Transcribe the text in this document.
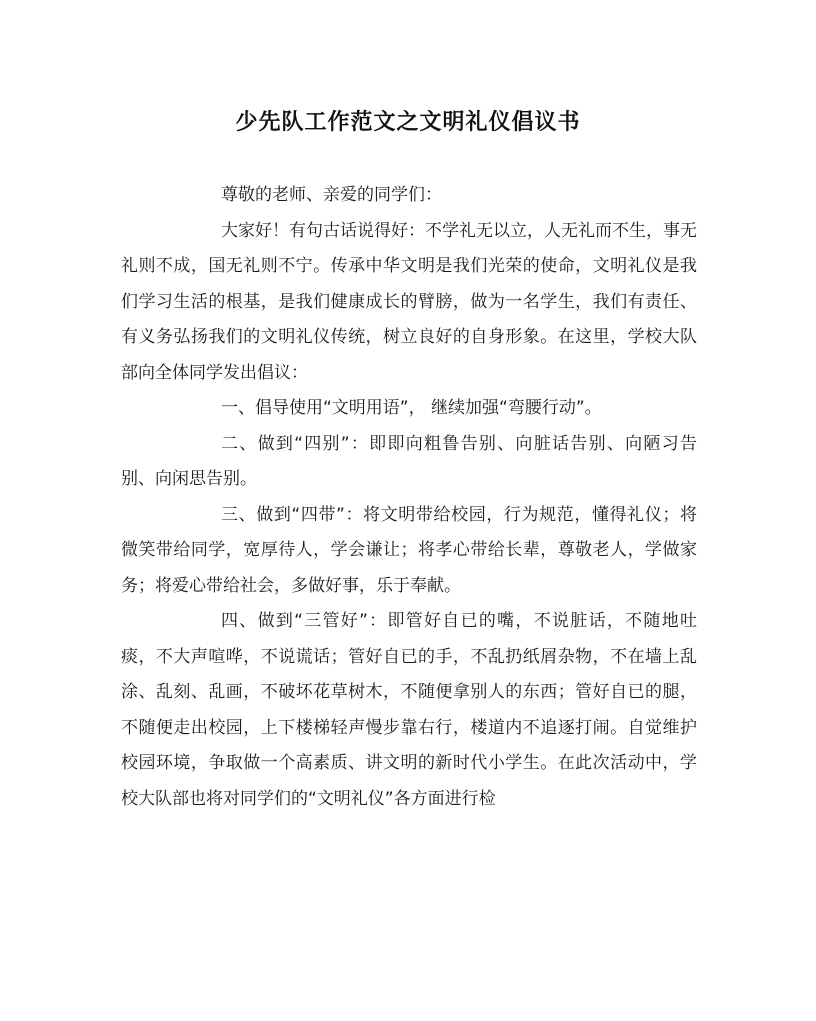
少先队工作范文之文明礼仪倡议书

尊敬的老师、亲爱的同学们：

大家好！有句古话说得好：不学礼无以立，人无礼而不生，事无礼则不成，国无礼则不宁。传承中华文明是我们光荣的使命，文明礼仪是我们学习生活的根基，是我们健康成长的臂膀，做为一名学生，我们有责任、有义务弘扬我们的文明礼仪传统，树立良好的自身形象。在这里，学校大队部向全体同学发出倡议：

一、倡导使用“文明用语”， 继续加强“弯腰行动”。

二、做到“四别”：即即向粗鲁告别、向脏话告别、向陋习告别、向闲思告别。

三、做到“四带”：将文明带给校园，行为规范，懂得礼仪；将微笑带给同学，宽厚待人，学会谦让；将孝心带给长辈，尊敬老人，学做家务；将爱心带给社会，多做好事，乐于奉献。

四、做到“三管好”：即管好自已的嘴，不说脏话，不随地吐痰，不大声喧哗，不说谎话；管好自已的手，不乱扔纸屑杂物，不在墙上乱涂、乱刻、乱画，不破坏花草树木，不随便拿别人的东西；管好自已的腿，不随便走出校园，上下楼梯轻声慢步靠右行，楼道内不追逐打闹。自觉维护校园环境，争取做一个高素质、讲文明的新时代小学生。在此次活动中，学校大队部也将对同学们的“文明礼仪”各方面进行检
